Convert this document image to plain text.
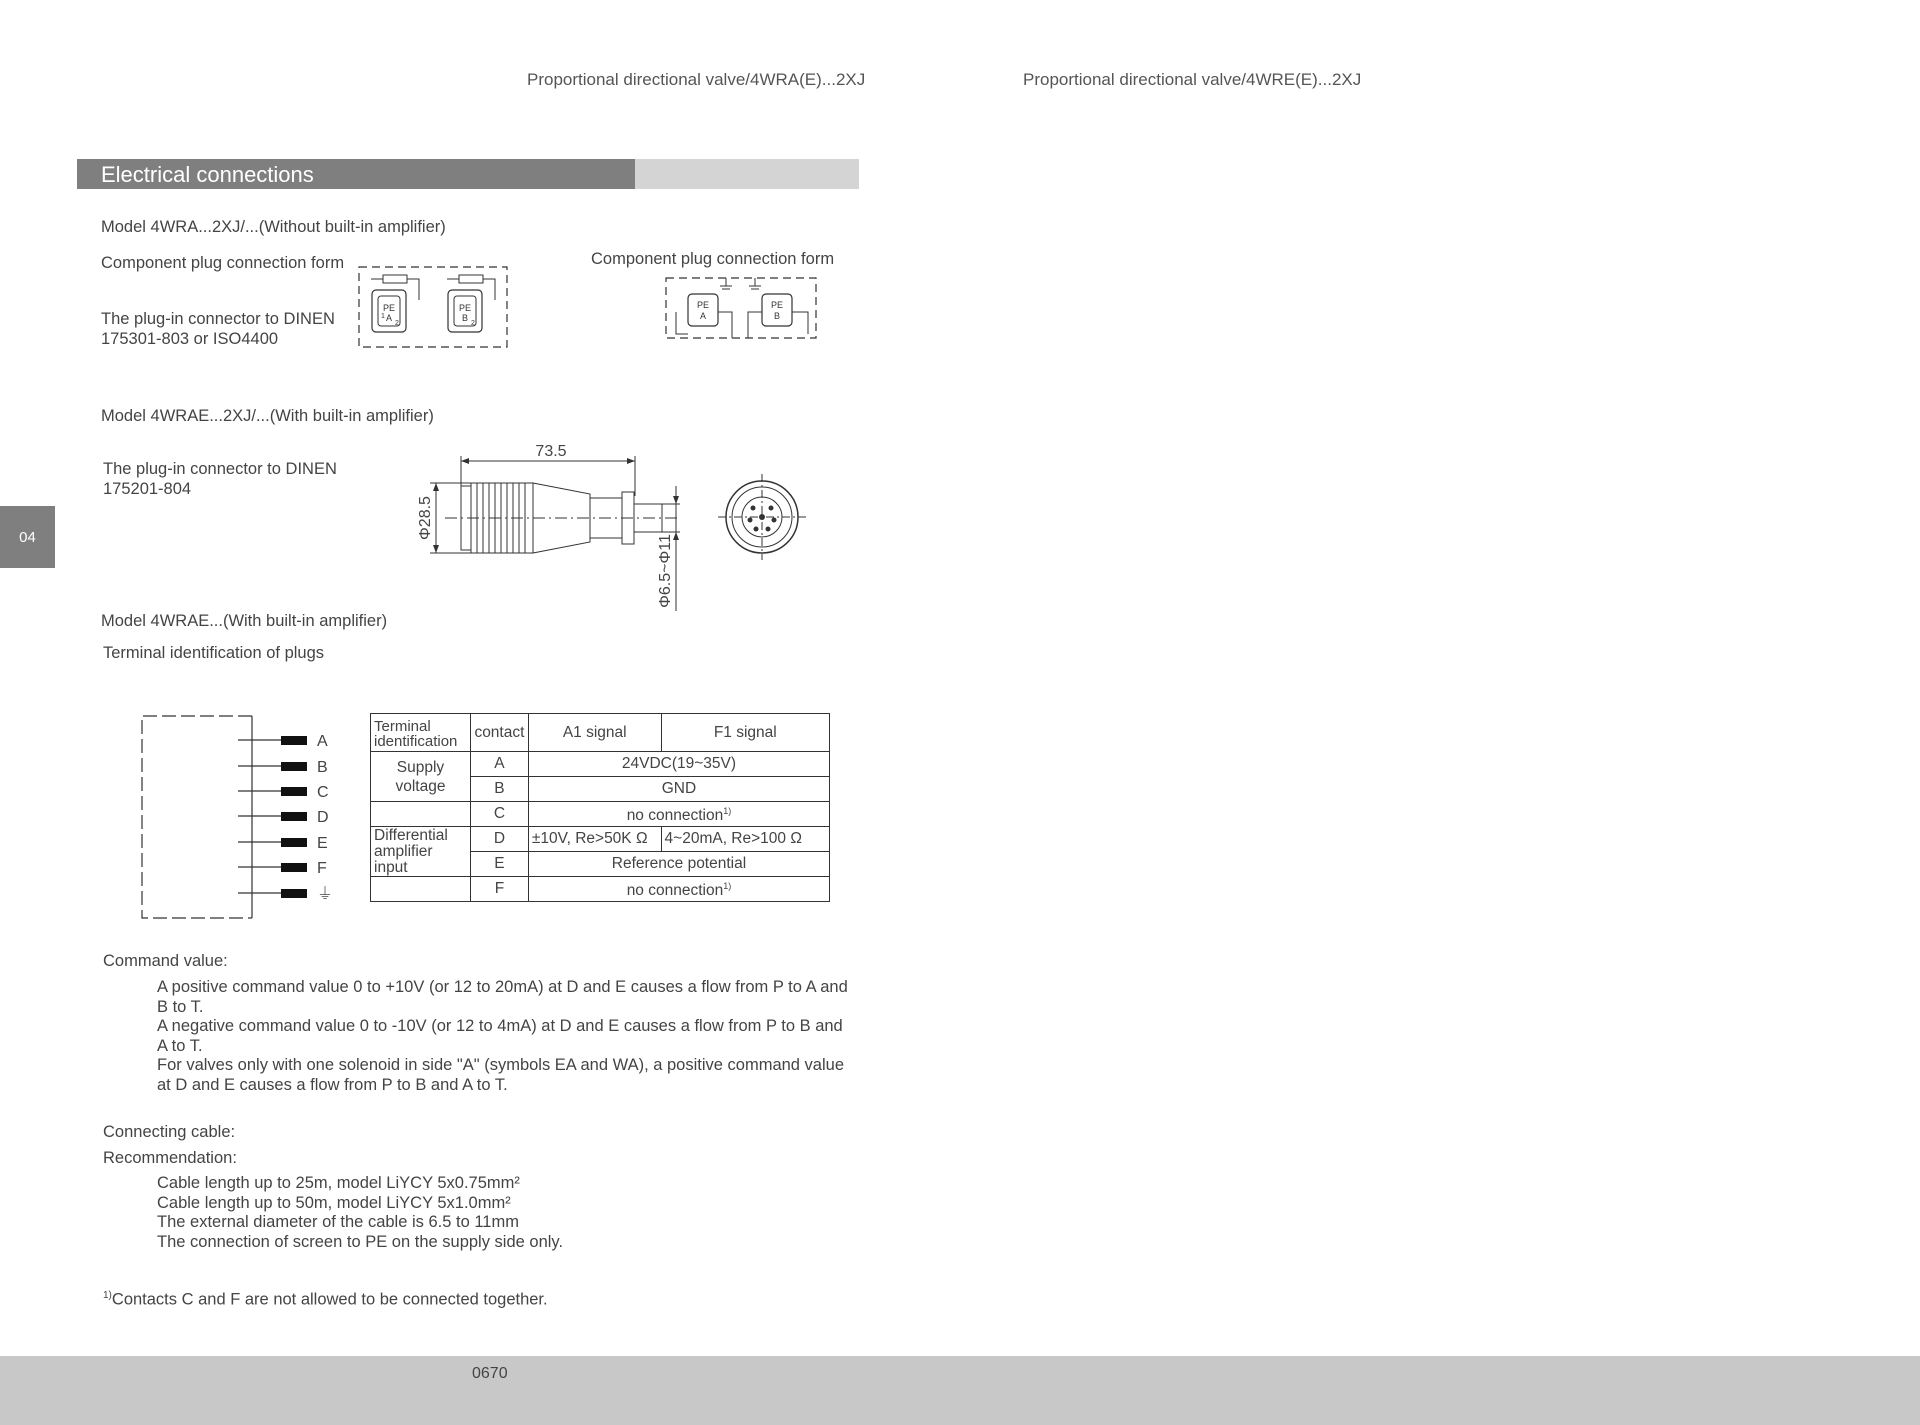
Proportional directional valve/4WRA(E)...2XJ	Proportional directional valve/4WRE(E)...2XJ
Electrical connections
Model 4WRA...2XJ/...(Without built-in amplifier)
Component plug connection form	Component plug connection form
The plug-in connector to DINEN
175301-803 or ISO4400
PE
A
1
2
PE
B
2
PE
A
PE
B
Model 4WRAE...2XJ/...(With built-in amplifier)
The plug-in connector to DINEN
175201-804
73.5
Φ28.5
Φ6.5~Φ11
04
Model 4WRAE...(With built-in amplifier)
Terminal identification of plugs
A
B
C
D
E
F
⏚
Terminal identification	contact	A1 signal	F1 signal
Supply voltage	A	24VDC(19~35V)	
	B	GND	
	C	no connection$^{1)}$
Differential amplifier input	D	±10V, Re>50K Ω	4~20mA, Re>100 Ω
	E	Reference potential	
	F	no connection$^{1)}$
Command value:
A positive command value 0 to +10V (or 12 to 20mA) at D and E causes a flow from P to A and
B to T.
A negative command value 0 to -10V (or 12 to 4mA) at D and E causes a flow from P to B and
A to T.
For valves only with one solenoid in side "A" (symbols EA and WA), a positive command value
at D and E causes a flow from P to B and A to T.
Connecting cable:
Recommendation:
Cable length up to 25m, model LiYCY 5x0.75mm²
Cable length up to 50m, model LiYCY 5x1.0mm²
The external diameter of the cable is 6.5 to 11mm
The connection of screen to PE on the supply side only.
$^{1)}$Contacts C and F are not allowed to be connected together.
0670
